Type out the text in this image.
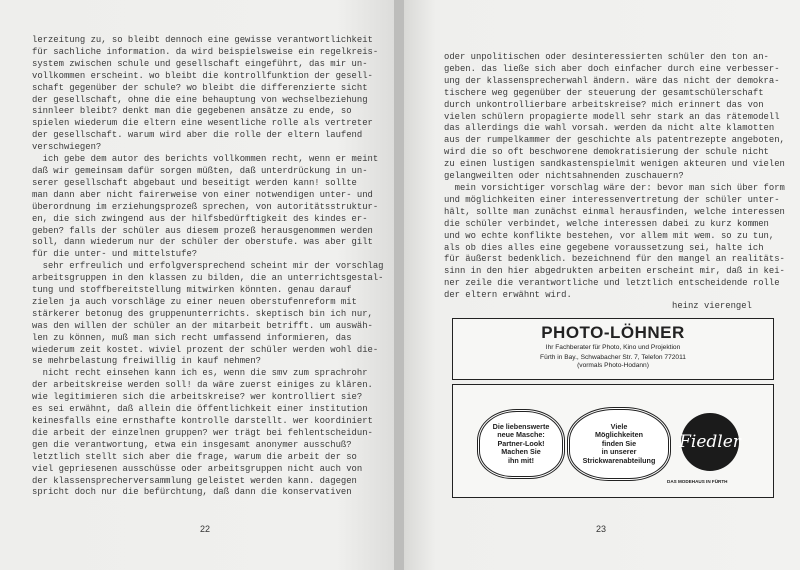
lerzeitung zu, so bleibt dennoch eine gewisse verantwortlichkeit
für sachliche information. da wird beispielsweise ein regelkreis-
system zwischen schule und gesellschaft eingeführt, das mir un-
vollkommen erscheint. wo bleibt die kontrollfunktion der gesell-
schaft gegenüber der schule? wo bleibt die differenzierte sicht
der gesellschaft, ohne die eine behauptung von wechselbeziehung
sinnleer bleibt? denkt man die gegebenen ansätze zu ende, so
spielen wiederum die eltern eine wesentliche rolle als vertreter
der gesellschaft. warum wird aber die rolle der eltern laufend
verschwiegen?
ich gebe dem autor des berichts vollkommen recht, wenn er meint
daß wir gemeinsam dafür sorgen müßten, daß unterdrückung in un-
serer gesellschaft abgebaut und beseitigt werden kann! sollte
man dann aber nicht fairerweise von einer notwendigen unter- und
überordnung im erziehungsprozeß sprechen, von autoritätsstruktur-
en, die sich zwingend aus der hilfsbedürftigkeit des kindes er-
geben? falls der schüler aus diesem prozeß herausgenommen werden
soll, dann wiederum nur der schüler der oberstufe. was aber gilt
für die unter- und mittelstufe?
sehr erfreulich und erfolgversprechend scheint mir der vorschlag
arbeitsgruppen in den klassen zu bilden, die an unterrichtsgestal-
tung und stoffbereitstellung mitwirken könnten. genau darauf
zielen ja auch vorschläge zu einer neuen oberstufenreform mit
stärkerer betonug des gruppenunterrichts. skeptisch bin ich nur,
was den willen der schüler an der mitarbeit betrifft. um auswäh-
len zu können, muß man sich recht umfassend informieren, das
wiederum zeit kostet. wiviel prozent der schüler werden wohl die-
se mehrbelastung freiwillig in kauf nehmen?
nicht recht einsehen kann ich es, wenn die smv zum sprachrohr
der arbeitskreise werden soll! da wäre zuerst einiges zu klären.
wie legitimieren sich die arbeitskreise? wer kontrolliert sie?
es sei erwähnt, daß allein die öffentlichkeit einer institution
keinesfalls eine ernsthafte kontrolle darstellt. wer koordiniert
die arbeit der einzelnen gruppen? wer trägt bei fehlentscheidun-
gen die verantwortung, etwa ein insgesamt anonymer ausschuß?
letztlich stellt sich aber die frage, warum die arbeit der so
viel gepriesenen ausschüsse oder arbeitsgruppen nicht auch von
der klassensprecherversammlung geleistet werden kann. dagegen
spricht doch nur die befürchtung, daß dann die konservativen
22
oder unpolitischen oder desinteressierten schüler den ton an-
geben. das ließe sich aber doch einfacher durch eine verbesser-
ung der klassensprecherwahl ändern. wäre das nicht der demokra-
tischere weg gegenüber der steuerung der gesamtschülerschaft
durch unkontrollierbare arbeitskreise? mich erinnert das von
vielen schülern propagierte modell sehr stark an das rätemodell
das allerdings die wahl vorsah. werden da nicht alte klamotten
aus der rumpelkammer der geschichte als patentrezepte angeboten,
wird die so oft beschworene demokratisierung der schule nicht
zu einen lustigen sandkastenspielmit wenigen akteuren und vielen
gelangweilten oder nichtsahnenden zuschauern?
mein vorsichtiger vorschlag wäre der: bevor man sich über form
und möglichkeiten einer interessenvertretung der schüler unter-
hält, sollte man zunächst einmal herausfinden, welche interessen
die schüler verbindet, welche interessen dabei zu kurz kommen
und wo echte konflikte bestehen, vor allem mit wem. so zu tun,
als ob dies alles eine gegebene voraussetzung sei, halte ich
für äußerst bedenklich. bezeichnend für den mangel an realitäts-
sinn in den hier abgedrukten arbeiten erscheint mir, daß in kei-
ner zeile die verantwortliche und letztlich entscheidende rolle
der eltern erwähnt wird.
heinz vierengel
PHOTO-LÖHNER
Ihr Fachberater für Photo, Kino und Projektion
Fürth in Bay., Schwabacher Str. 7, Telefon 772011
(vormals Photo-Hodann)
Die liebenswerte
neue Masche:
Partner-Look!
Machen Sie
ihn mit!
Viele
Möglichkeiten
finden Sie
in unserer
Strickwarenabteilung
Fiedler
DAS MODEHAUS IN FÜRTH
23
